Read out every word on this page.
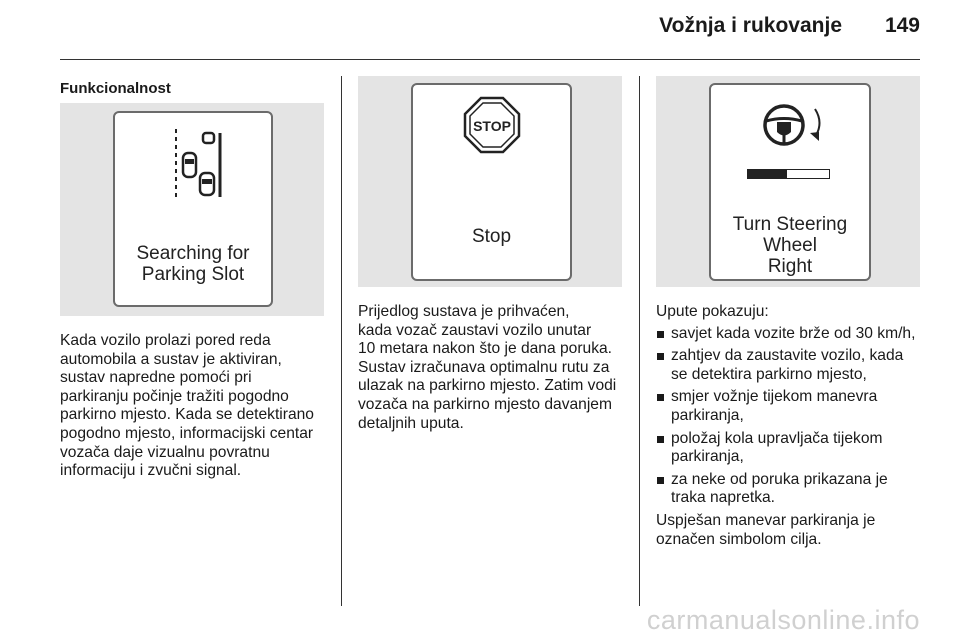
Vožnja i rukovanje 149

Funkcionalnost

Searching for
Parking Slot

Kada vozilo prolazi pored reda

automobila a sustav je aktiviran,

sustav napredne pomoći pri

parkiranju počinje tražiti pogodno

parkirno mjesto. Kada se detektirano

pogodno mjesto, informacijski centar

vozača daje vizualnu povratnu

informaciju i zvučni signal.

STOP
Stop

Prijedlog sustava je prihvaćen,

kada vozač zaustavi vozilo unutar

10 metara nakon što je dana poruka.

Sustav izračunava optimalnu rutu za

ulazak na parkirno mjesto. Zatim vodi

vozača na parkirno mjesto davanjem

detaljnih uputa.

Turn Steering
Wheel
Right
Upute pokazuju:
savjet kada vozite brže od 30 km/h,
zahtjev da zaustavite vozilo, kada
se detektira parkirno mjesto,
smjer vožnje tijekom manevra
parkiranja,
položaj kola upravljača tijekom
parkiranja,
za neke od poruka prikazana je
traka napretka.
Uspješan manevar parkiranja je
označen simbolom cilja.
carmanualsonline.info
